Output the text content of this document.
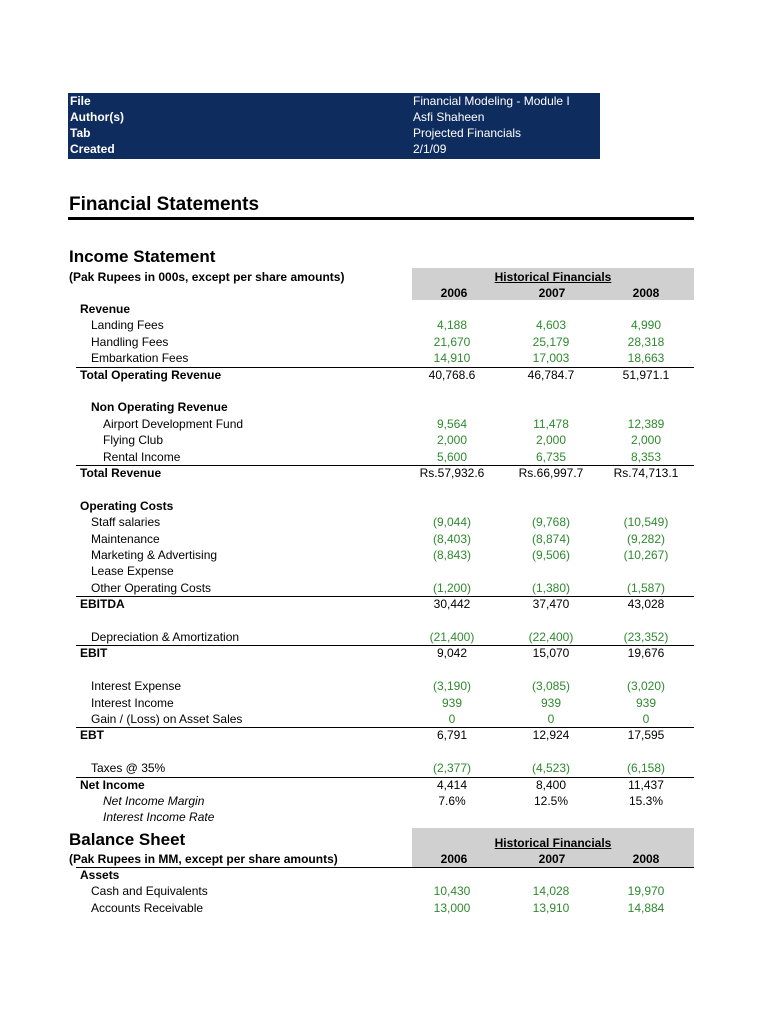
File	Financial Modeling - Module I
Author(s)	Asfi Shaheen
Tab	Projected Financials
Created	2/1/09
Financial Statements
Income Statement
(Pak Rupees in 000s, except per share amounts)	Historical Financials
2006	2007	2008
Revenue
Landing Fees	4,188	4,603	4,990
Handling Fees	21,670	25,179	28,318
Embarkation Fees	14,910	17,003	18,663
Total Operating Revenue	40,768.6	46,784.7	51,971.1
Non Operating Revenue
Airport Development Fund	9,564	11,478	12,389
Flying Club	2,000	2,000	2,000
Rental Income	5,600	6,735	8,353
Total Revenue	Rs.57,932.6	Rs.66,997.7	Rs.74,713.1
Operating Costs
Staff salaries	(9,044)	(9,768)	(10,549)
Maintenance	(8,403)	(8,874)	(9,282)
Marketing & Advertising	(8,843)	(9,506)	(10,267)
Lease Expense
Other Operating Costs	(1,200)	(1,380)	(1,587)
EBITDA	30,442	37,470	43,028
Depreciation & Amortization	(21,400)	(22,400)	(23,352)
EBIT	9,042	15,070	19,676
Interest Expense	(3,190)	(3,085)	(3,020)
Interest Income	939	939	939
Gain / (Loss) on Asset Sales	0	0	0
EBT	6,791	12,924	17,595
Taxes @ 35%	(2,377)	(4,523)	(6,158)
Net Income	4,414	8,400	11,437
Net Income Margin	7.6%	12.5%	15.3%
Interest Income Rate
Balance Sheet
(Pak Rupees in MM, except per share amounts)
Historical Financials
2006	2007	2008
Assets
Cash and Equivalents	10,430	14,028	19,970
Accounts Receivable	13,000	13,910	14,884
